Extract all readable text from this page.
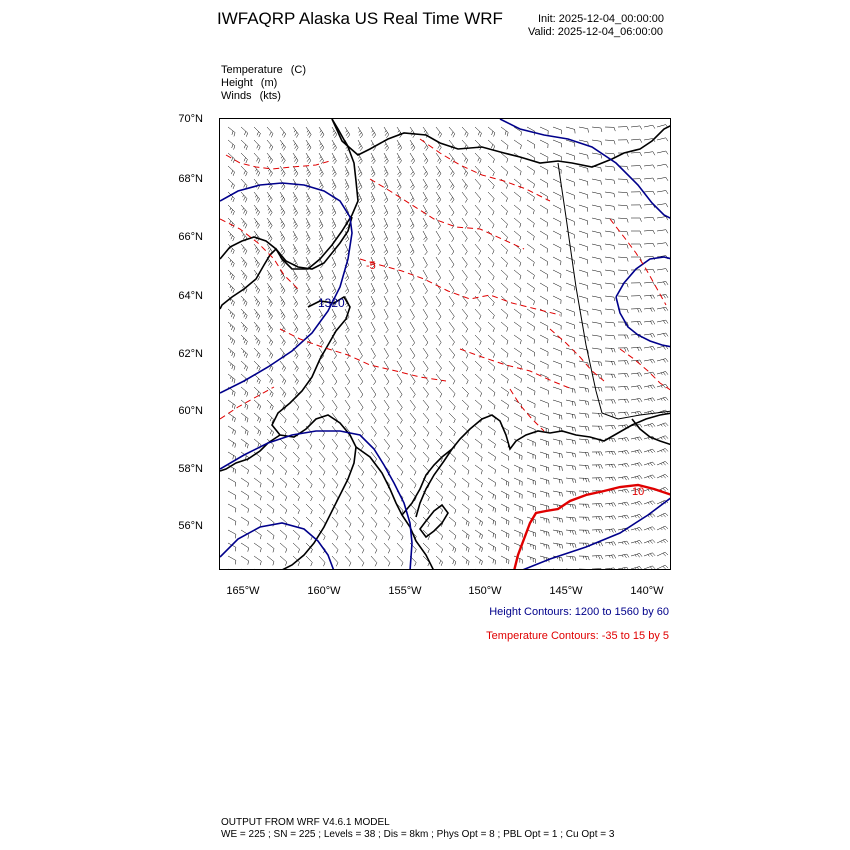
IWFAQRP Alaska US Real Time WRF	Init: 2025-12-04_00:00:00
Valid: 2025-12-04_06:00:00
Temperature (C)
Height (m)
Winds (kts)
70°N
68°N
66°N
64°N
62°N
60°N
58°N
56°N
165°W	160°W	155°W	150°W	145°W	140°W
1320
-5
10
Height Contours: 1200 to 1560 by 60
Temperature Contours: -35 to 15 by 5
OUTPUT FROM WRF V4.6.1 MODEL
WE = 225 ; SN = 225 ; Levels = 38 ; Dis = 8km ; Phys Opt = 8 ; PBL Opt = 1 ; Cu Opt = 3
